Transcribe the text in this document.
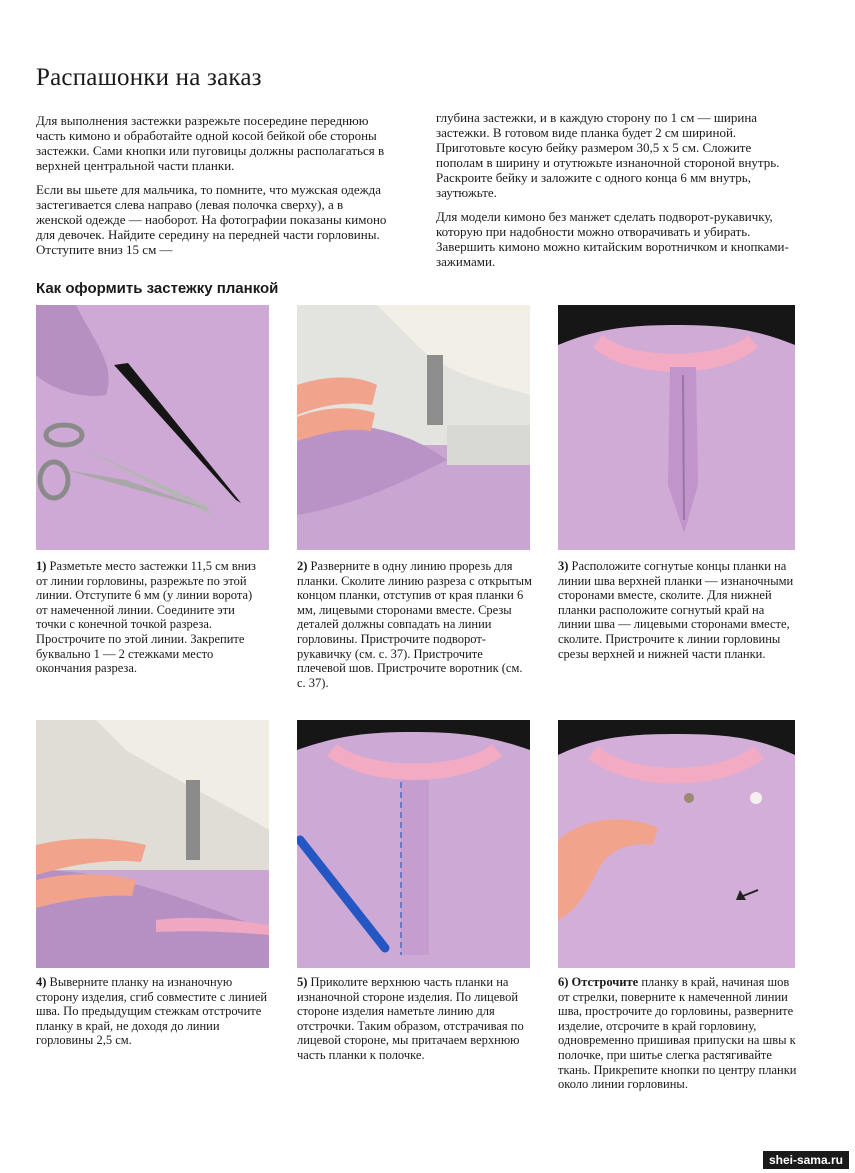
Распашонки на заказ

Для выполнения застежки разрежьте посередине переднюю часть кимоно и обработайте одной косой бейкой обе стороны застежки. Сами кнопки или пуговицы должны располагаться в верхней центральной части планки.

Если вы шьете для мальчика, то помните, что мужская одежда застегивается слева направо (левая полочка сверху), а в женской одежде — наоборот. На фотографии показаны кимоно для девочек. Найдите середину на передней части горловины. Отступите вниз 15 см —

глубина застежки, и в каждую сторону по 1 см — ширина застежки. В готовом виде планка будет 2 см шириной. Приготовьте косую бейку размером 30,5 х 5 см. Сложите пополам в ширину и отутюжьте изнаночной стороной внутрь. Раскроите бейку и заложите с одного конца 6 мм внутрь, заутюжьте.

Для модели кимоно без манжет сделать подворот-рукавичку, которую при надобности можно отворачивать и убирать. Завершить кимоно можно китайским воротничком и кнопками-зажимами.

Как оформить застежку планкой

1) Разметьте место застежки 11,5 см вниз от линии горловины, разрежьте по этой линии. Отступите 6 мм (у линии ворота) от намеченной линии. Соедините эти точки с конечной точкой разреза. Прострочите по этой линии. Закрепите буквально 1 — 2 стежками место окончания разреза.

2) Разверните в одну линию прорезь для планки. Сколите линию разреза с открытым концом планки, отступив от края планки 6 мм, лицевыми сторонами вместе. Срезы деталей должны совпадать на линии горловины. Пристрочите подворот-рукавичку (см. с. 37). Пристрочите плечевой шов. Пристрочите воротник (см. с. 37).

3) Расположите согнутые концы планки на линии шва верхней планки — изнаночными сторонами вместе, сколите. Для нижней планки расположите согнутый край на линии шва — лицевыми сторонами вместе, сколите. Пристрочите к линии горловины срезы верхней и нижней части планки.

4) Выверните планку на изнаночную сторону изделия, сгиб совместите с линией шва. По предыдущим стежкам отстрочите планку в край, не доходя до линии горловины 2,5 см.

5) Приколите верхнюю часть планки на изнаночной стороне изделия. По лицевой стороне изделия наметьте линию для отстрочки. Таким образом, отстрачивая по лицевой стороне, мы притачаем верхнюю часть планки к полочке.

6) Отстрочите планку в край, начиная шов от стрелки, поверните к намеченной линии шва, прострочите до горловины, разверните изделие, отсрочите в край горловину, одновременно пришивая припуски на швы к полочке, при шитье слегка растягивайте ткань. Прикрепите кнопки по центру планки около линии горловины.

shei-sama.ru
